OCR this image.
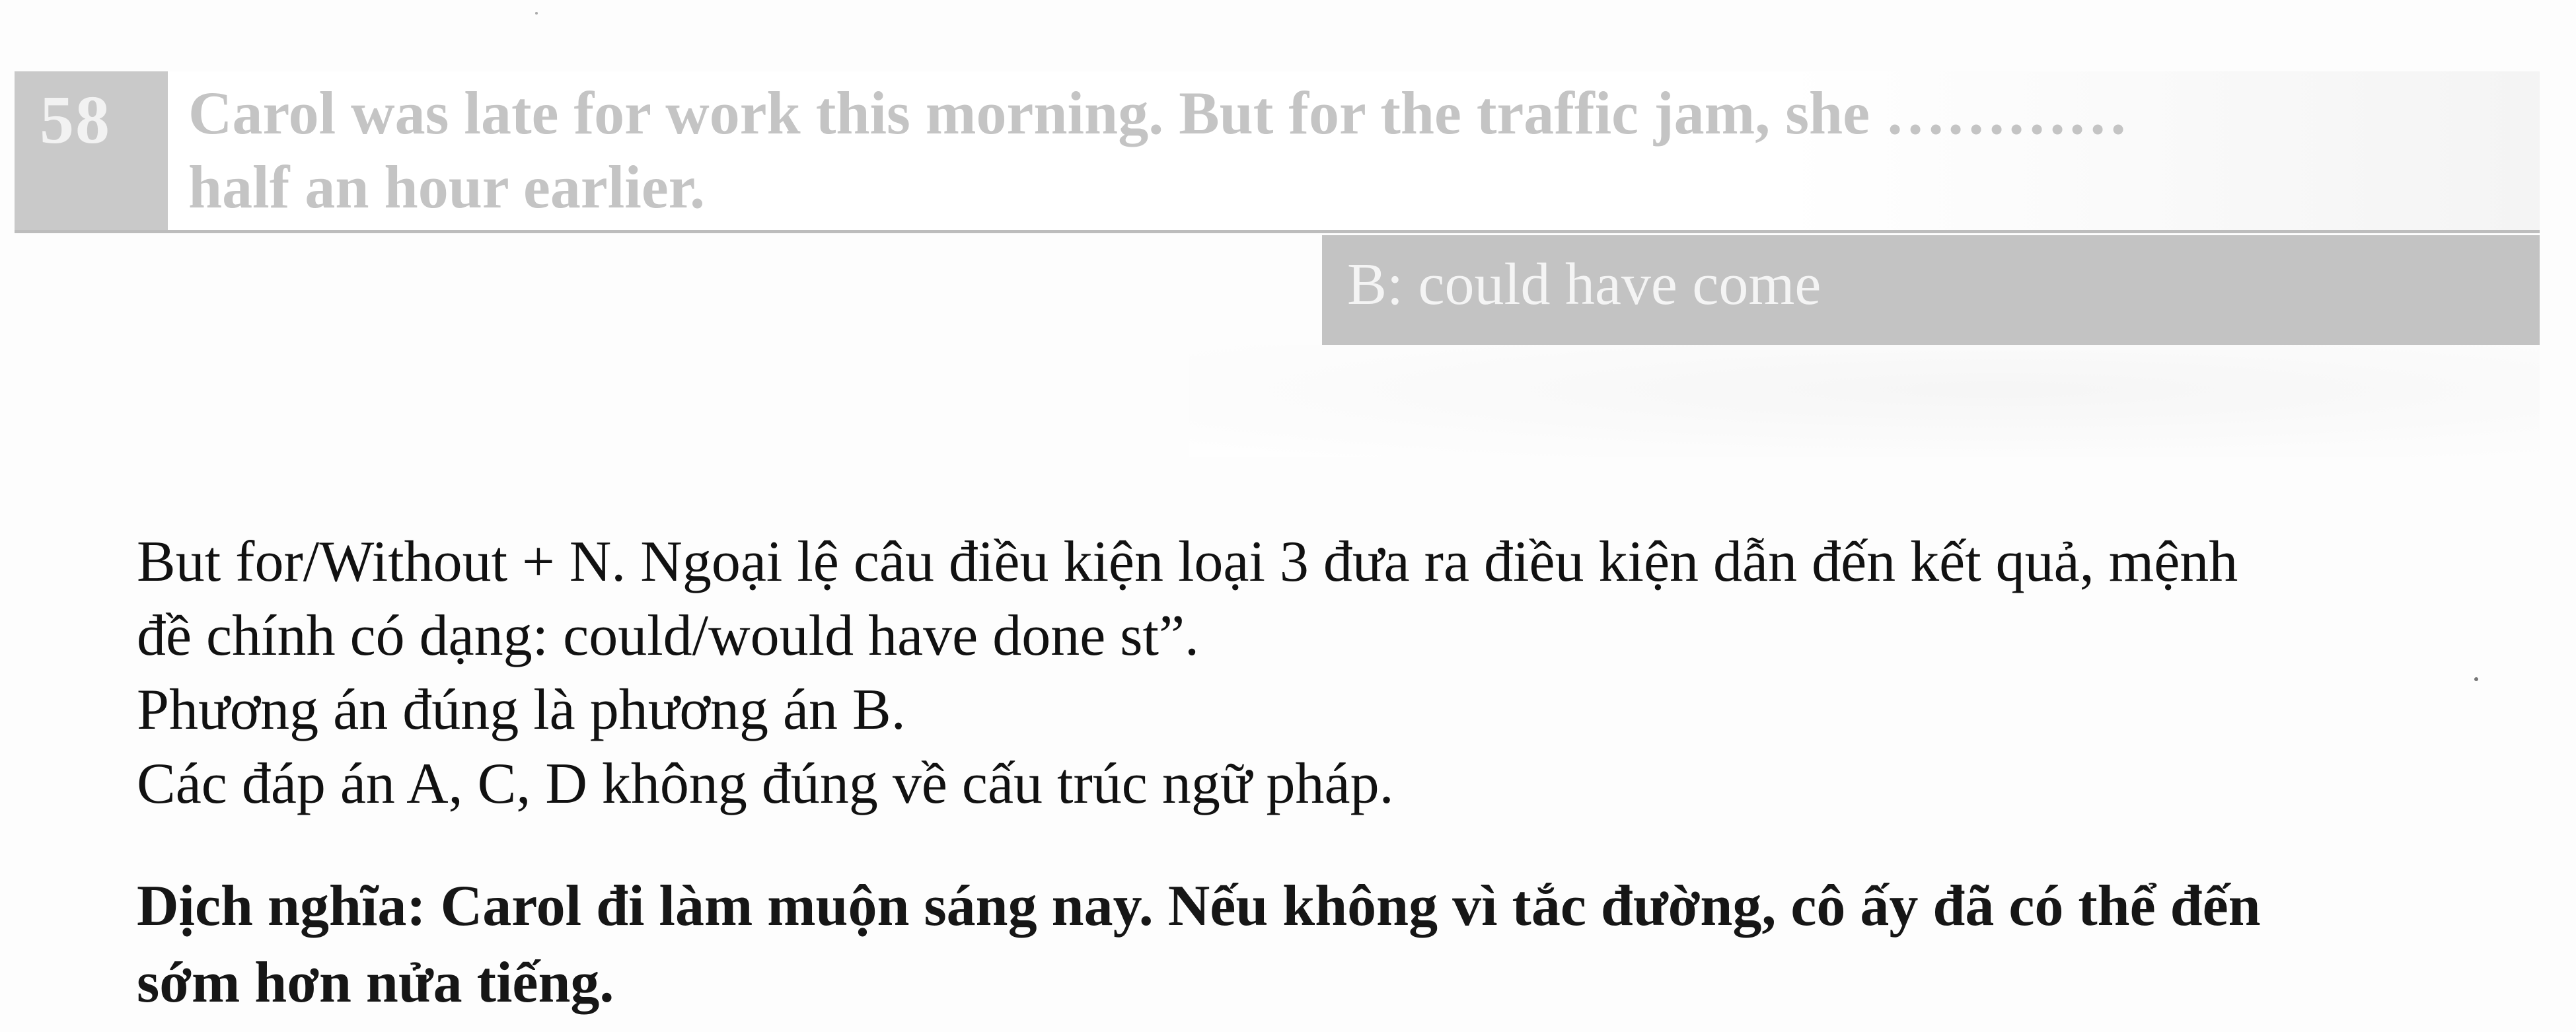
58	Carol was late for work this morning. But for the traffic jam, she …………
half an hour earlier.
B: could have come

But for/Without + N. Ngoại lệ câu điều kiện loại 3 đưa ra điều kiện dẫn đến kết quả, mệnh

đề chính có dạng: could/would have done st”.

Phương án đúng là phương án B.

Các đáp án A, C, D không đúng về cấu trúc ngữ pháp.

Dịch nghĩa: Carol đi làm muộn sáng nay. Nếu không vì tắc đường, cô ấy đã có thể đến
sớm hơn nửa tiếng.
